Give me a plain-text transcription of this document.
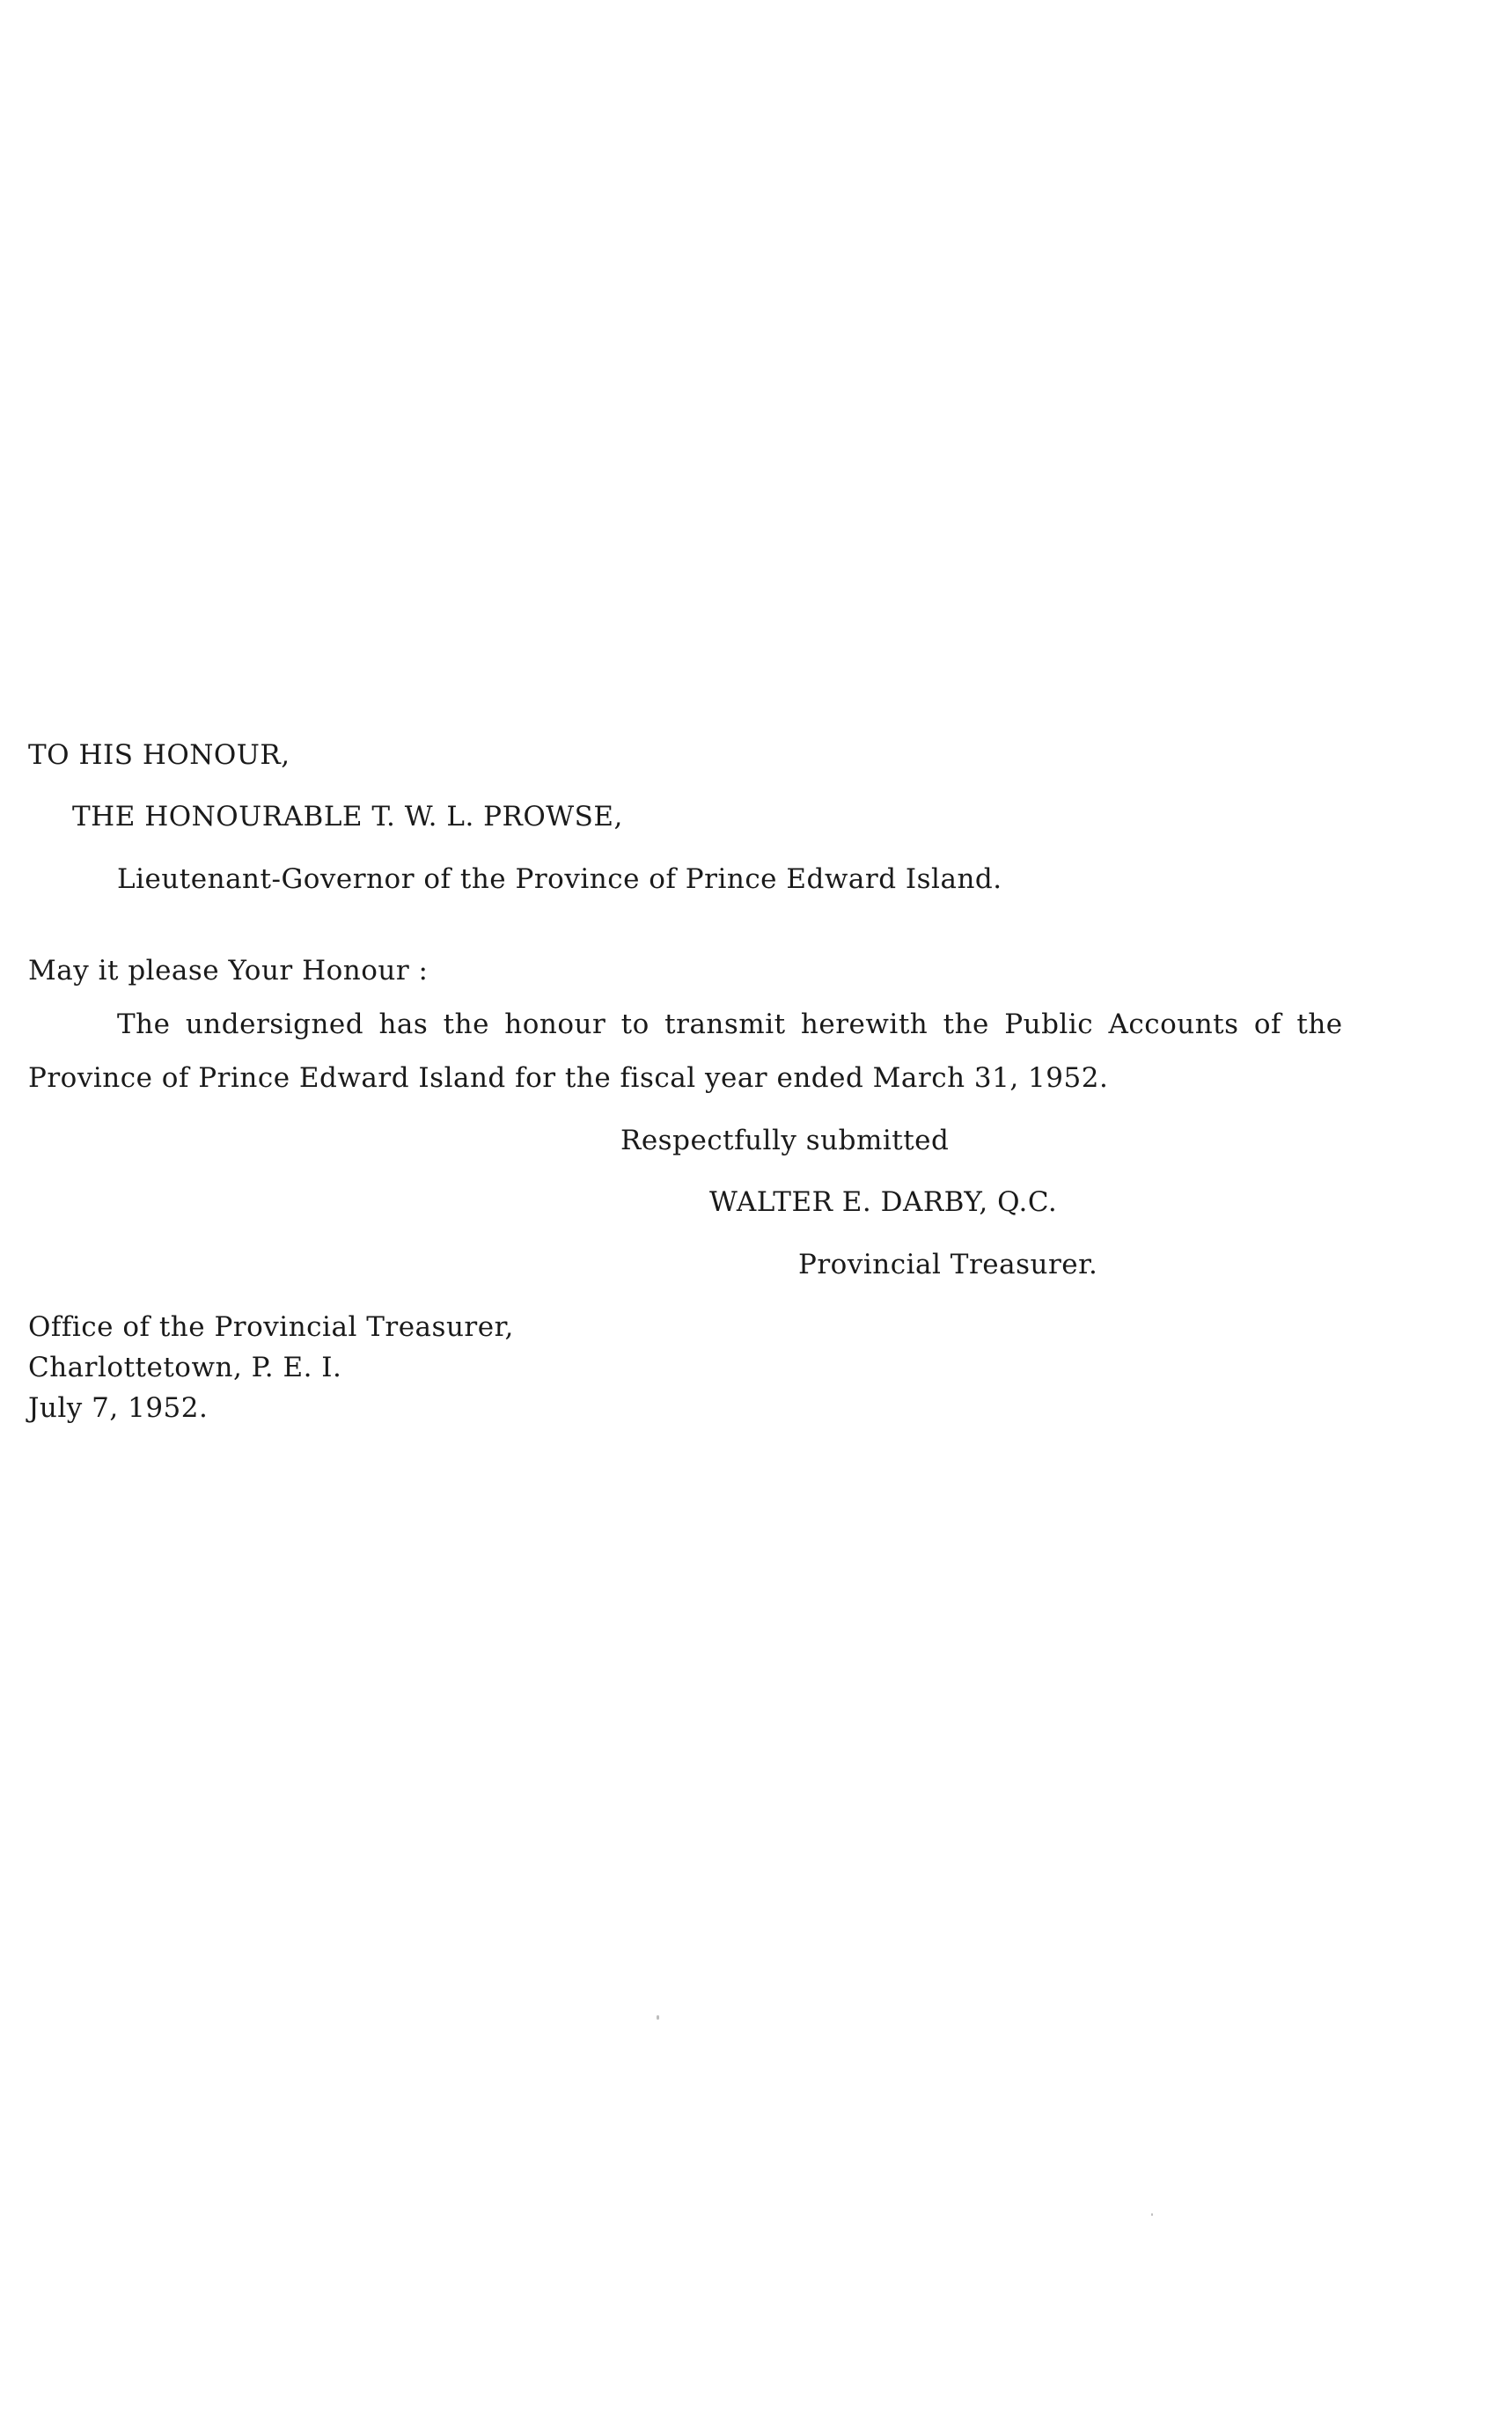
TO HIS HONOUR,
THE HONOURABLE T. W. L. PROWSE,
Lieutenant-Governor of the Province of Prince Edward Island.
May it please Your Honour :
The undersigned has the honour to transmit herewith the Public Accounts of the
Province of Prince Edward Island for the fiscal year ended March 31, 1952.
Respectfully submitted
WALTER E. DARBY, Q.C.
Provincial Treasurer.
Office of the Provincial Treasurer,
Charlottetown, P. E. I.
July 7, 1952.
